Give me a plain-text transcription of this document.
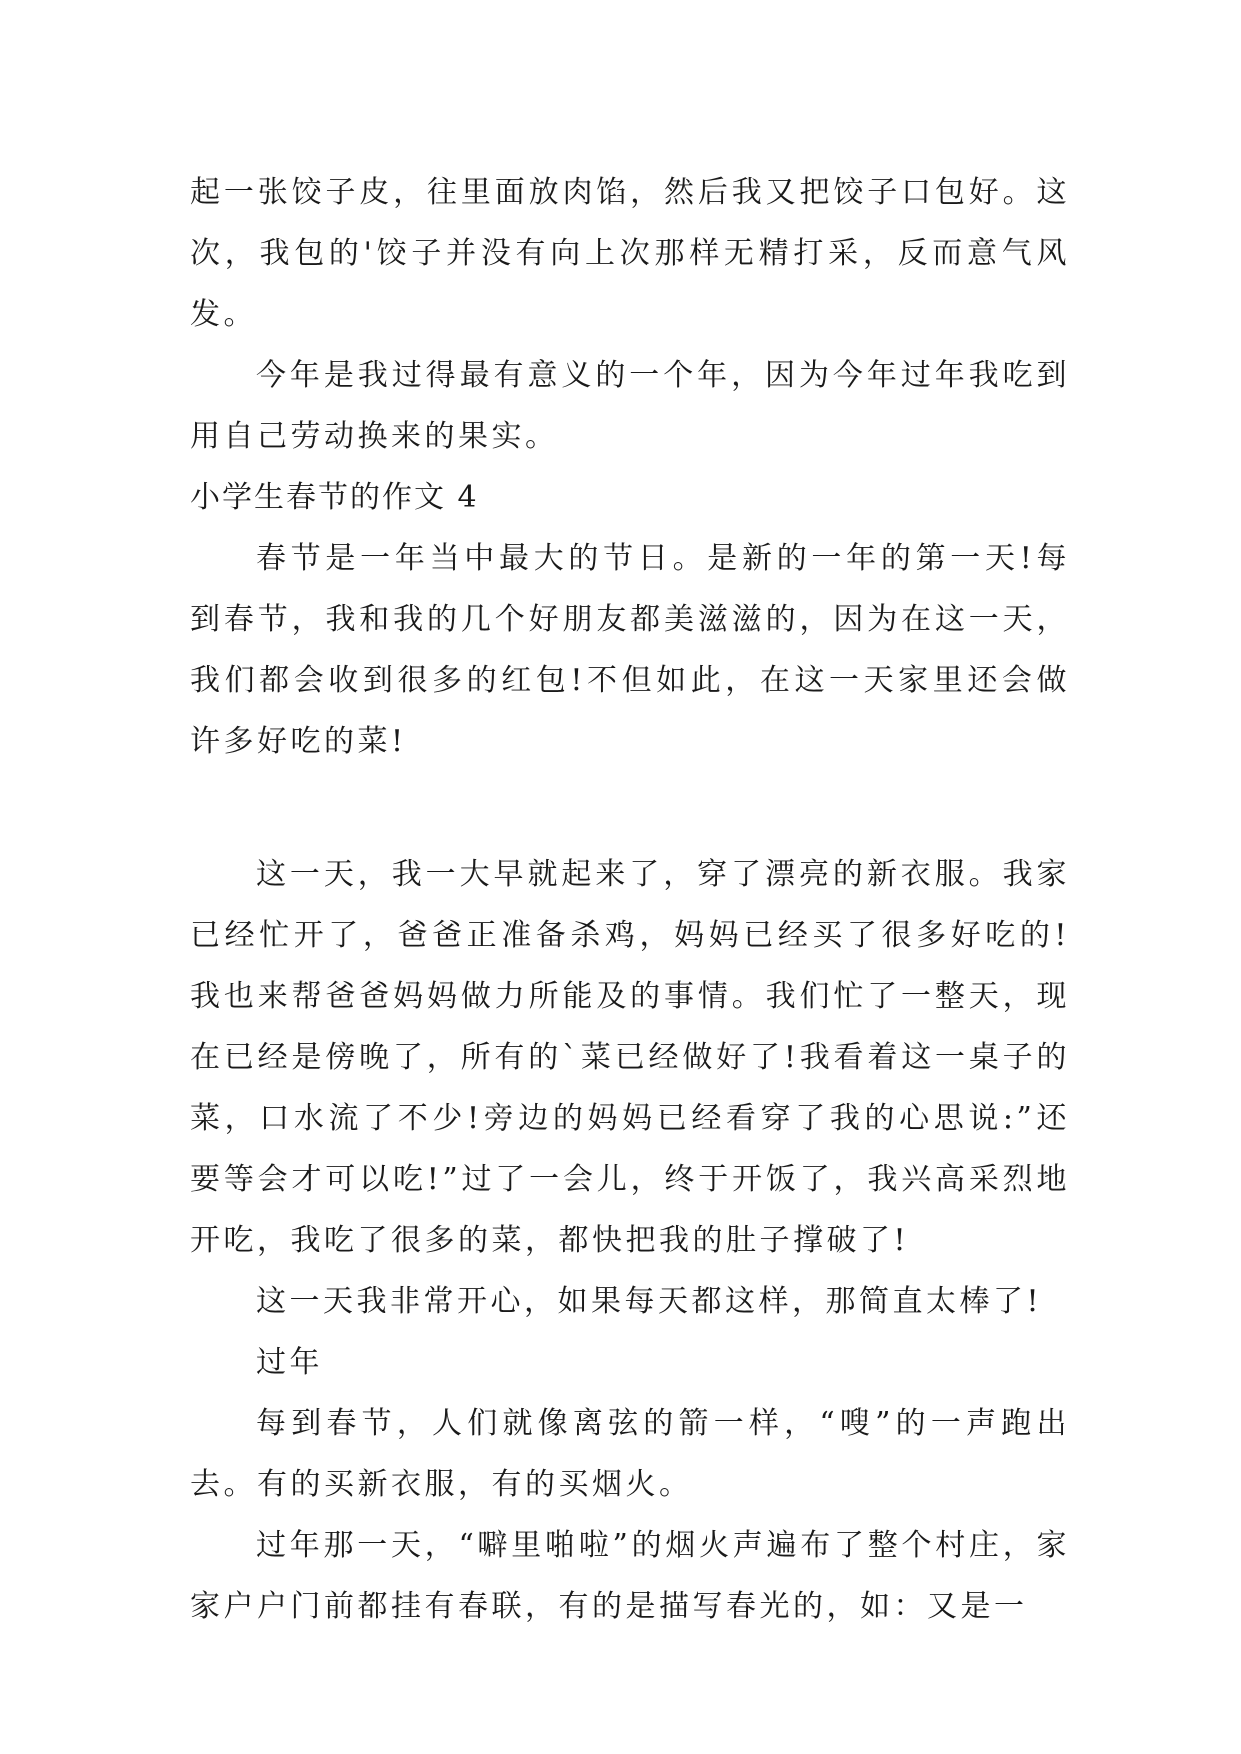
起一张饺子皮，往里面放肉馅，然后我又把饺子口包好。这次，我包的'饺子并没有向上次那样无精打采，反而意气风发。

今年是我过得最有意义的一个年，因为今年过年我吃到用自己劳动换来的果实。

小学生春节的作文 4

春节是一年当中最大的节日。是新的一年的第一天!每到春节，我和我的几个好朋友都美滋滋的，因为在这一天，我们都会收到很多的红包!不但如此，在这一天家里还会做许多好吃的菜!

这一天，我一大早就起来了，穿了漂亮的新衣服。我家已经忙开了，爸爸正准备杀鸡，妈妈已经买了很多好吃的!我也来帮爸爸妈妈做力所能及的事情。我们忙了一整天，现在已经是傍晚了，所有的`菜已经做好了!我看着这一桌子的菜，口水流了不少!旁边的妈妈已经看穿了我的心思说:”还要等会才可以吃!”过了一会儿，终于开饭了，我兴高采烈地开吃，我吃了很多的菜，都快把我的肚子撑破了!

这一天我非常开心，如果每天都这样，那简直太棒了!

过年

每到春节，人们就像离弦的箭一样，“嗖”的一声跑出去。有的买新衣服，有的买烟火。

过年那一天，“噼里啪啦”的烟火声遍布了整个村庄，家家户户门前都挂有春联，有的是描写春光的，如：又是一
